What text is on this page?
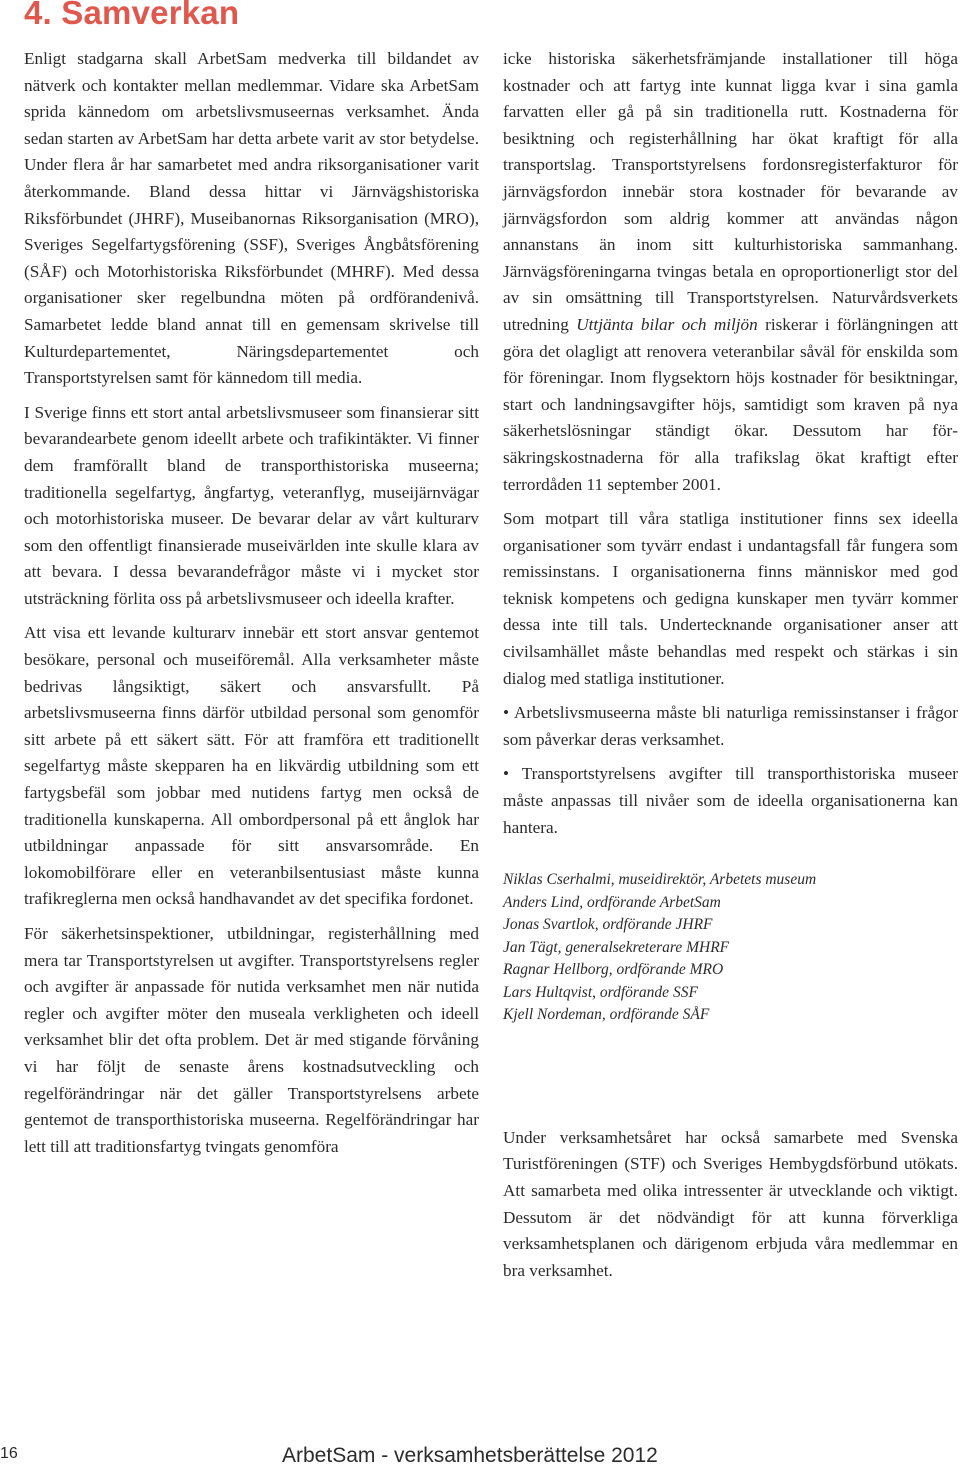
4. Samverkan

Enligt stadgarna skall ArbetSam medverka till bildandet av nätverk och kontakter mellan medlemmar. Vidare ska ArbetSam sprida kännedom om arbetslivsmuseernas verksamhet. Ända sedan starten av ArbetSam har detta arbete varit av stor betydelse. Under flera år har samarbetet med andra riksorganisationer varit återkommande. Bland dessa hittar vi Järnvägshistoriska Riksförbundet (JHRF), Museibanornas Riksorganisation (MRO), Sveriges Segelfartygsförening (SSF), Sveriges Ångbåtsförening (SÅF) och Motorhistoriska Riksförbundet (MHRF). Med dessa organisationer sker regelbundna möten på ordförandenivå. Samarbetet ledde bland annat till en gemensam skrivelse till Kulturdepartementet, Näringsdepartementet och Transportstyrelsen samt för kännedom till media.

I Sverige finns ett stort antal arbetslivsmuseer som finansierar sitt bevarandearbete genom ideellt arbete och trafikintäkter. Vi finner dem framförallt bland de transporthistoriska museerna; traditionella segelfartyg, ångfartyg, veteranflyg, museijärnvägar och motorhistoriska museer. De bevarar delar av vårt kulturarv som den offentligt finansierade museivärlden inte skulle klara av att bevara. I dessa bevarandefrågor måste vi i mycket stor utsträckning förlita oss på arbetslivsmuseer och ideella krafter.

Att visa ett levande kulturarv innebär ett stort ansvar gentemot besökare, personal och museiföremål. Alla verksamheter måste bedrivas långsiktigt, säkert och ansvarsfullt. På arbetslivsmuseerna finns därför utbildad personal som genomför sitt arbete på ett säkert sätt. För att framföra ett traditionellt segelfartyg måste skepparen ha en likvärdig utbildning som ett fartygsbefäl som jobbar med nutidens fartyg men också de traditionella kunskaperna. All ombordpersonal på ett ånglok har utbildningar anpassade för sitt ansvarsområde. En lokomobilförare eller en veteranbilsentusiast måste kunna trafikreglerna men också handhavandet av det specifika fordonet.

För säkerhetsinspektioner, utbildningar, registerhållning med mera tar Transportstyrelsen ut avgifter. Transportstyrelsens regler och avgifter är anpassade för nutida verksamhet men när nutida regler och avgifter möter den museala verkligheten och ideell verksamhet blir det ofta problem. Det är med stigande förvåning vi har följt de senaste årens kostnadsutveckling och regelförändringar när det gäller Transportstyrelsens arbete gentemot de transporthistoriska museerna. Regelförändringar har lett till att traditionsfartyg tvingats genomföra

icke historiska säkerhetsfrämjande installationer till höga kostnader och att fartyg inte kunnat ligga kvar i sina gamla farvatten eller gå på sin traditionella rutt. Kostnaderna för besiktning och registerhållning har ökat kraftigt för alla transportslag. Transportstyrelsens fordonsregisterfakturor för järnvägsfordon innebär stora kostnader för bevarande av järnvägsfordon som aldrig kommer att användas någon annanstans än inom sitt kulturhistoriska sammanhang. Järnvägsföreningarna tvingas betala en oproportionerligt stor del av sin omsättning till Transportstyrelsen. Naturvårdsverkets utredning Uttjänta bilar och miljön riskerar i förlängningen att göra det olagligt att renovera veteranbilar såväl för enskilda som för föreningar. Inom flygsektorn höjs kostnader för besiktningar, start och landningsavgifter höjs, samtidigt som kraven på nya säkerhetslösningar ständigt ökar. Dessutom har försäkringskostnaderna för alla trafikslag ökat kraftigt efter terrordåden 11 september 2001.

Som motpart till våra statliga institutioner finns sex ideella organisationer som tyvärr endast i undantagsfall får fungera som remissinstans. I organisationerna finns människor med god teknisk kompetens och gedigna kunskaper men tyvärr kommer dessa inte till tals. Undertecknande organisationer anser att civilsamhället måste behandlas med respekt och stärkas i sin dialog med statliga institutioner.

• Arbetslivsmuseerna måste bli naturliga remissinstanser i frågor som påverkar deras verksamhet.

• Transportstyrelsens avgifter till transporthistoriska museer måste anpassas till nivåer som de ideella organisationerna kan hantera.

Niklas Cserhalmi, museidirektör, Arbetets museum
Anders Lind, ordförande ArbetSam
Jonas Svartlok, ordförande JHRF
Jan Tägt, generalsekreterare MHRF
Ragnar Hellborg, ordförande MRO
Lars Hultqvist, ordförande SSF
Kjell Nordeman, ordförande SÅF

Under verksamhetsåret har också samarbete med Svenska Turistföreningen (STF) och Sveriges Hembygdsförbund utökats. Att samarbeta med olika intressenter är utvecklande och viktigt. Dessutom är det nödvändigt för att kunna förverkliga verksamhetsplanen och därigenom erbjuda våra medlemmar en bra verksamhet.

16	ArbetSam - verksamhetsberättelse 2012
